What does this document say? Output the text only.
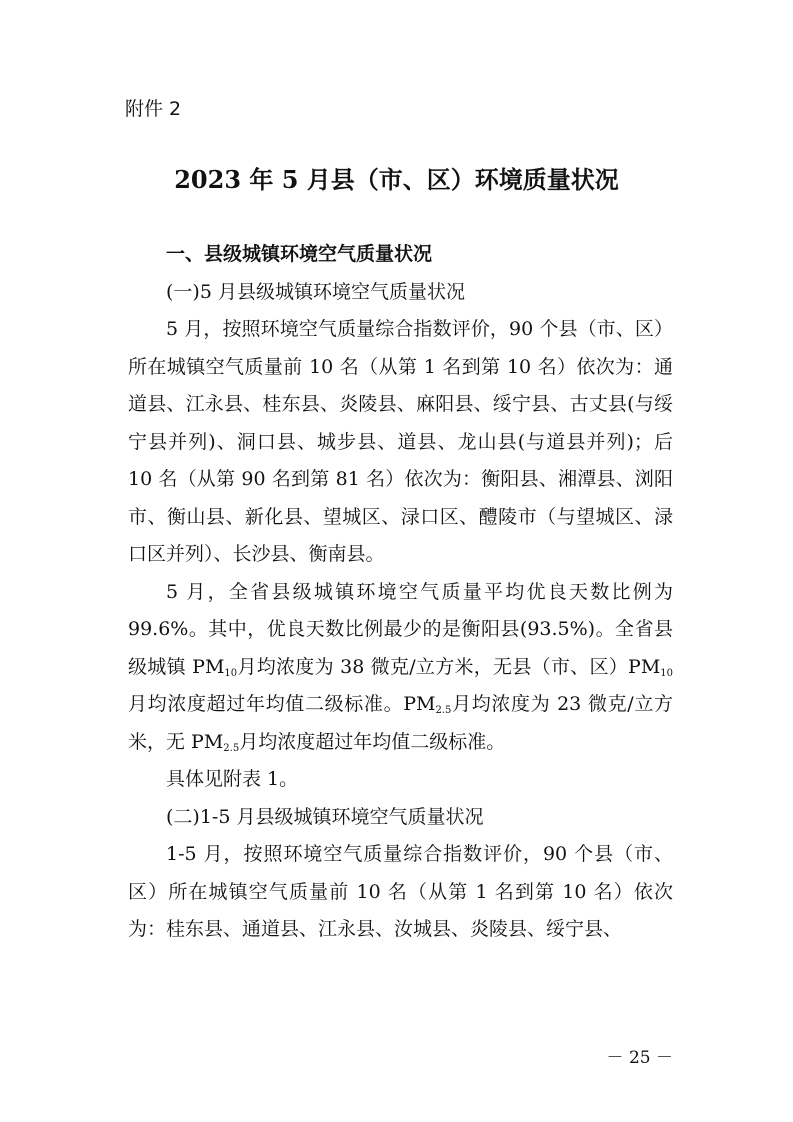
附件 2
2023 年 5 月县（市、区）环境质量状况

一、县级城镇环境空气质量状况

(一)5 月县级城镇环境空气质量状况

5 月，按照环境空气质量综合指数评价，90 个县（市、区）所在城镇空气质量前 10 名（从第 1 名到第 10 名）依次为：通道县、江永县、桂东县、炎陵县、麻阳县、绥宁县、古丈县(与绥宁县并列)、洞口县、城步县、道县、龙山县(与道县并列)；后 10 名（从第 90 名到第 81 名）依次为：衡阳县、湘潭县、浏阳市、衡山县、新化县、望城区、渌口区、醴陵市（与望城区、渌口区并列）、长沙县、衡南县。

5 月，全省县级城镇环境空气质量平均优良天数比例为 99.6%。其中，优良天数比例最少的是衡阳县(93.5%)。全省县级城镇 $PM_{10}$月均浓度为 38 微克/立方米，无县（市、区）$PM_{10}$月均浓度超过年均值二级标准。$PM_{2.5}$月均浓度为 23 微克/立方米，无 $PM_{2.5}$月均浓度超过年均值二级标准。

具体见附表 1。

(二)1-5 月县级城镇环境空气质量状况

1-5 月，按照环境空气质量综合指数评价，90 个县（市、区）所在城镇空气质量前 10 名（从第 1 名到第 10 名）依次为：桂东县、通道县、江永县、汝城县、炎陵县、绥宁县、

－ 25 －
